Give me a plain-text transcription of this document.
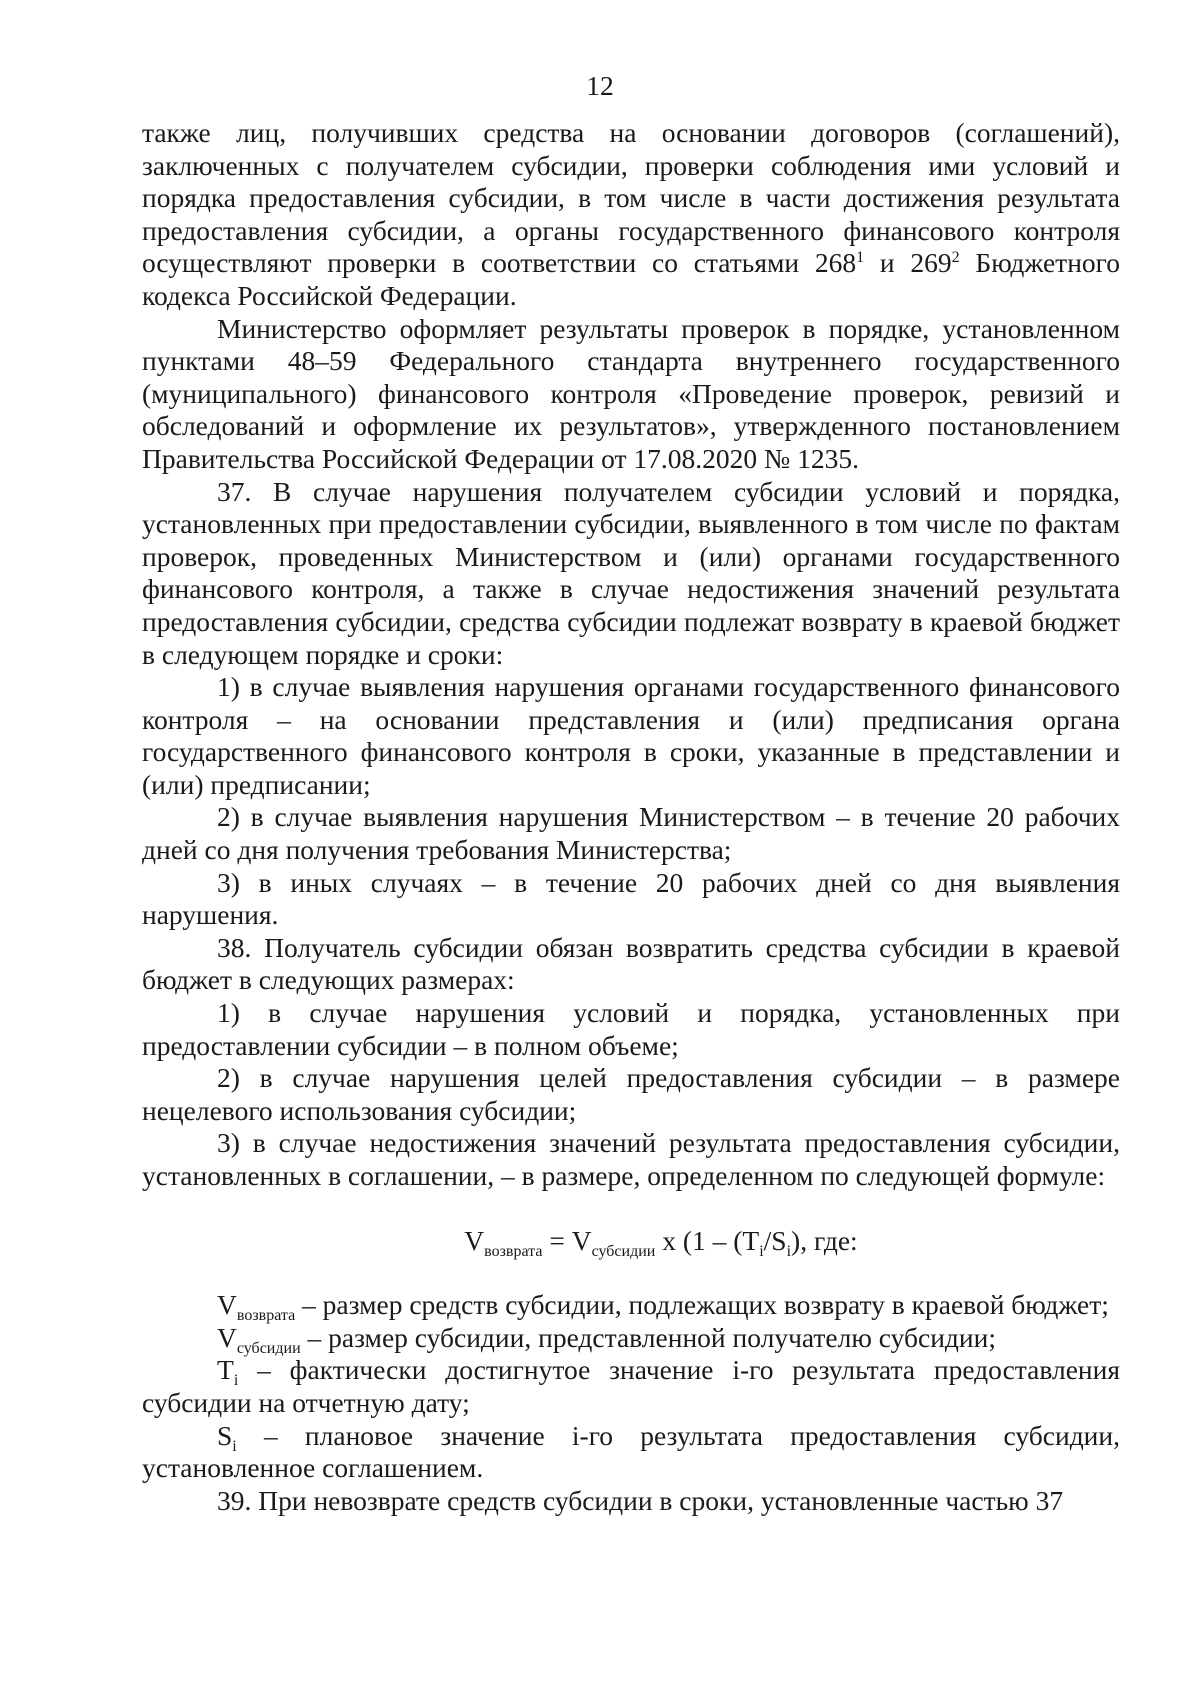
12

также лиц, получивших средства на основании договоров (соглашений), заключенных с получателем субсидии, проверки соблюдения ими условий и порядка предоставления субсидии, в том числе в части достижения результата предоставления субсидии, а органы государственного финансового контроля осуществляют проверки в соответствии со статьями $268^1$ и $269^2$ Бюджетного кодекса Российской Федерации.

Министерство оформляет результаты проверок в порядке, установленном пунктами 48–59 Федерального стандарта внутреннего государственного (муниципального) финансового контроля «Проведение проверок, ревизий и обследований и оформление их результатов», утвержденного постановлением Правительства Российской Федерации от 17.08.2020 № 1235.

37. В случае нарушения получателем субсидии условий и порядка, установленных при предоставлении субсидии, выявленного в том числе по фактам проверок, проведенных Министерством и (или) органами государственного финансового контроля, а также в случае недостижения значений результата предоставления субсидии, средства субсидии подлежат возврату в краевой бюджет в следующем порядке и сроки:

1) в случае выявления нарушения органами государственного финансового контроля – на основании представления и (или) предписания органа государственного финансового контроля в сроки, указанные в представлении и (или) предписании;

2) в случае выявления нарушения Министерством – в течение 20 рабочих дней со дня получения требования Министерства;

3) в иных случаях – в течение 20 рабочих дней со дня выявления нарушения.

38. Получатель субсидии обязан возвратить средства субсидии в краевой бюджет в следующих размерах:

1) в случае нарушения условий и порядка, установленных при предоставлении субсидии – в полном объеме;

2) в случае нарушения целей предоставления субсидии – в размере нецелевого использования субсидии;

3) в случае недостижения значений результата предоставления субсидии, установленных в соглашении, – в размере, определенном по следующей формуле:

$V_{возврата} = V_{субсидии}$ x ($1 - (T_i/S_i)$, где:

$V_{возврата}$ – размер средств субсидии, подлежащих возврату в краевой бюджет;

$V_{субсидии}$ – размер субсидии, представленной получателю субсидии;

$T_i$ – фактически достигнутое значение i-го результата предоставления субсидии на отчетную дату;

$S_i$ – плановое значение i-го результата предоставления субсидии, установленное соглашением.

39. При невозврате средств субсидии в сроки, установленные частью 37
